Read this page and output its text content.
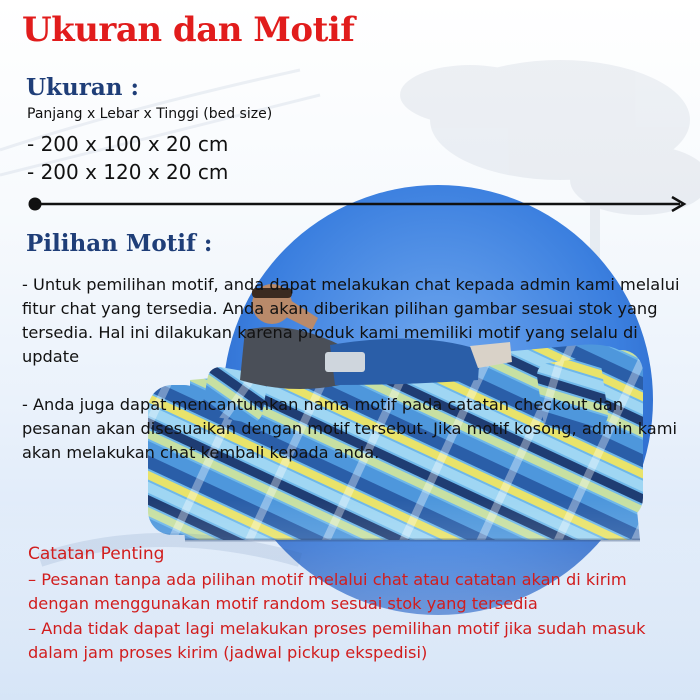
Ukuran dan Motif
Ukuran :
Panjang x Lebar x Tinggi (bed size)
- 200 x 100 x 20 cm
- 200 x 120 x 20 cm
Pilihan Motif :
- Untuk pemilihan motif, anda dapat melakukan chat kepada admin kami melalui fitur chat yang tersedia. Anda akan diberikan pilihan gambar sesuai stok yang tersedia. Hal ini dilakukan karena produk kami memiliki motif yang selalu di update
- Anda juga dapat mencantumkan nama motif pada catatan checkout dan pesanan akan disesuaikan dengan motif tersebut. Jika motif kosong, admin kami akan melakukan chat kembali kepada anda.
Catatan Penting
– Pesanan tanpa ada pilihan motif melalui chat atau catatan akan di kirim dengan menggunakan motif random sesuai stok yang tersedia
– Anda tidak dapat lagi melakukan proses pemilihan motif jika sudah masuk dalam jam proses kirim (jadwal pickup ekspedisi)
